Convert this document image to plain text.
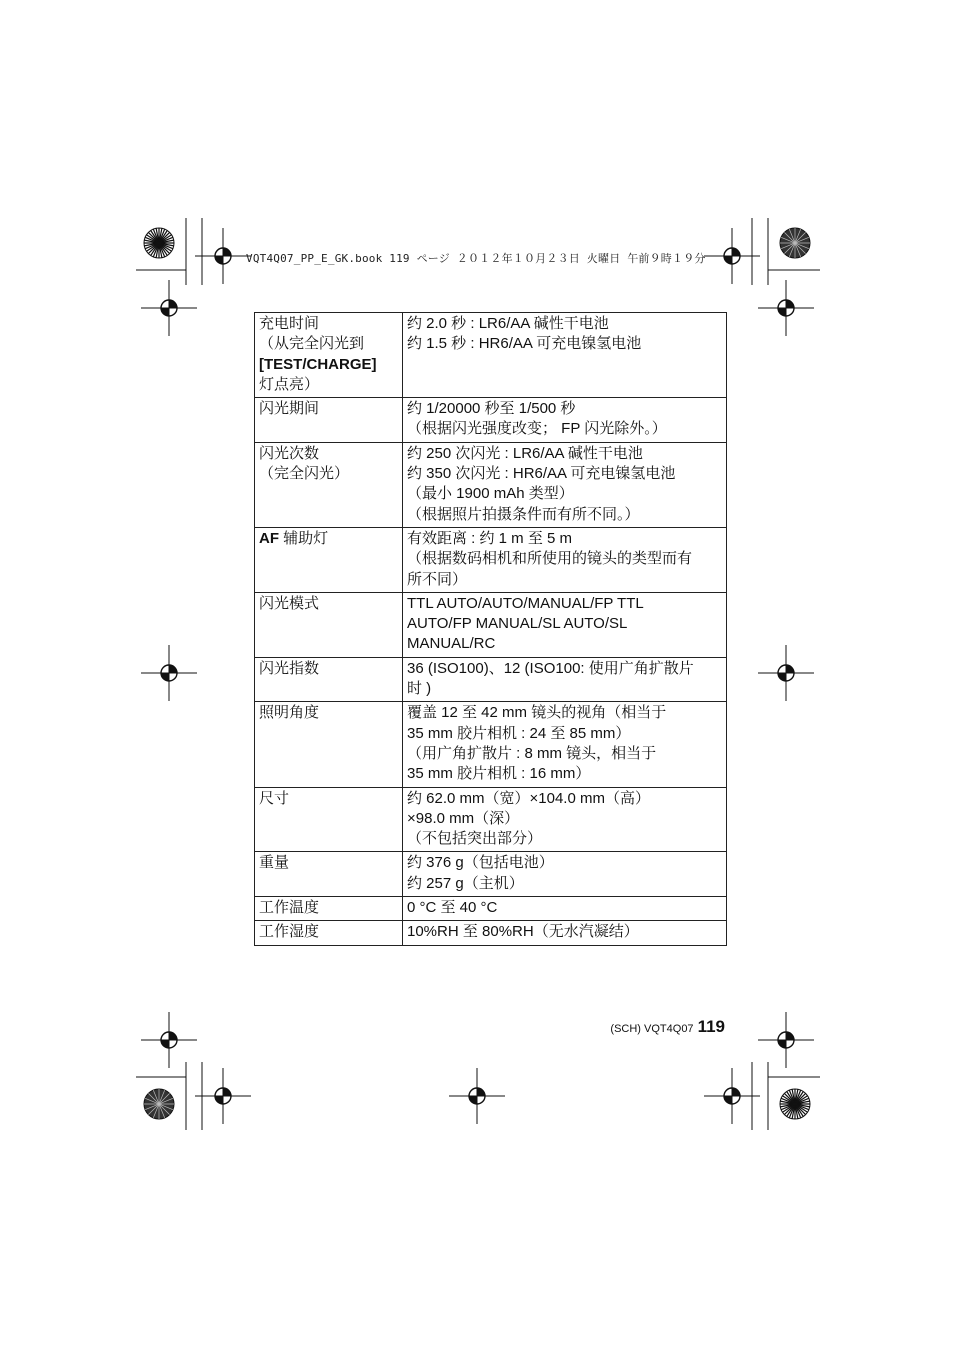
VQT4Q07_PP_E_GK.book 119 ページ ２０１２年１０月２３日 火曜日 午前９時１９分
充电时间
（从完全闪光到
[TEST/CHARGE]
灯点亮）	约 2.0 秒 : LR6/AA 碱性干电池
约 1.5 秒 : HR6/AA 可充电镍氢电池

闪光期间	约 1/20000 秒至 1/500 秒
（根据闪光强度改变； FP 闪光除外。）

闪光次数
（完全闪光）	约 250 次闪光 : LR6/AA 碱性干电池
约 350 次闪光 : HR6/AA 可充电镍氢电池
（最小 1900 mAh 类型）
（根据照片拍摄条件而有所不同。）

AF 辅助灯	有效距离 : 约 1 m 至 5 m
（根据数码相机和所使用的镜头的类型而有
所不同）

闪光模式	TTL AUTO/AUTO/MANUAL/FP TTL
AUTO/FP MANUAL/SL AUTO/SL
MANUAL/RC

闪光指数	36 (ISO100)、12 (ISO100: 使用广角扩散片
时 )

照明角度	覆盖 12 至 42 mm 镜头的视角（相当于
35 mm 胶片相机 : 24 至 85 mm）
（用广角扩散片 : 8 mm 镜头，相当于
35 mm 胶片相机 : 16 mm）

尺寸	约 62.0 mm（宽）×104.0 mm（高）
×98.0 mm（深）
（不包括突出部分）

重量	约 376 g（包括电池）
约 257 g（主机）

工作温度	0 °C 至 40 °C

工作湿度	10%RH 至 80%RH（无水汽凝结）
(SCH) VQT4Q07 119
